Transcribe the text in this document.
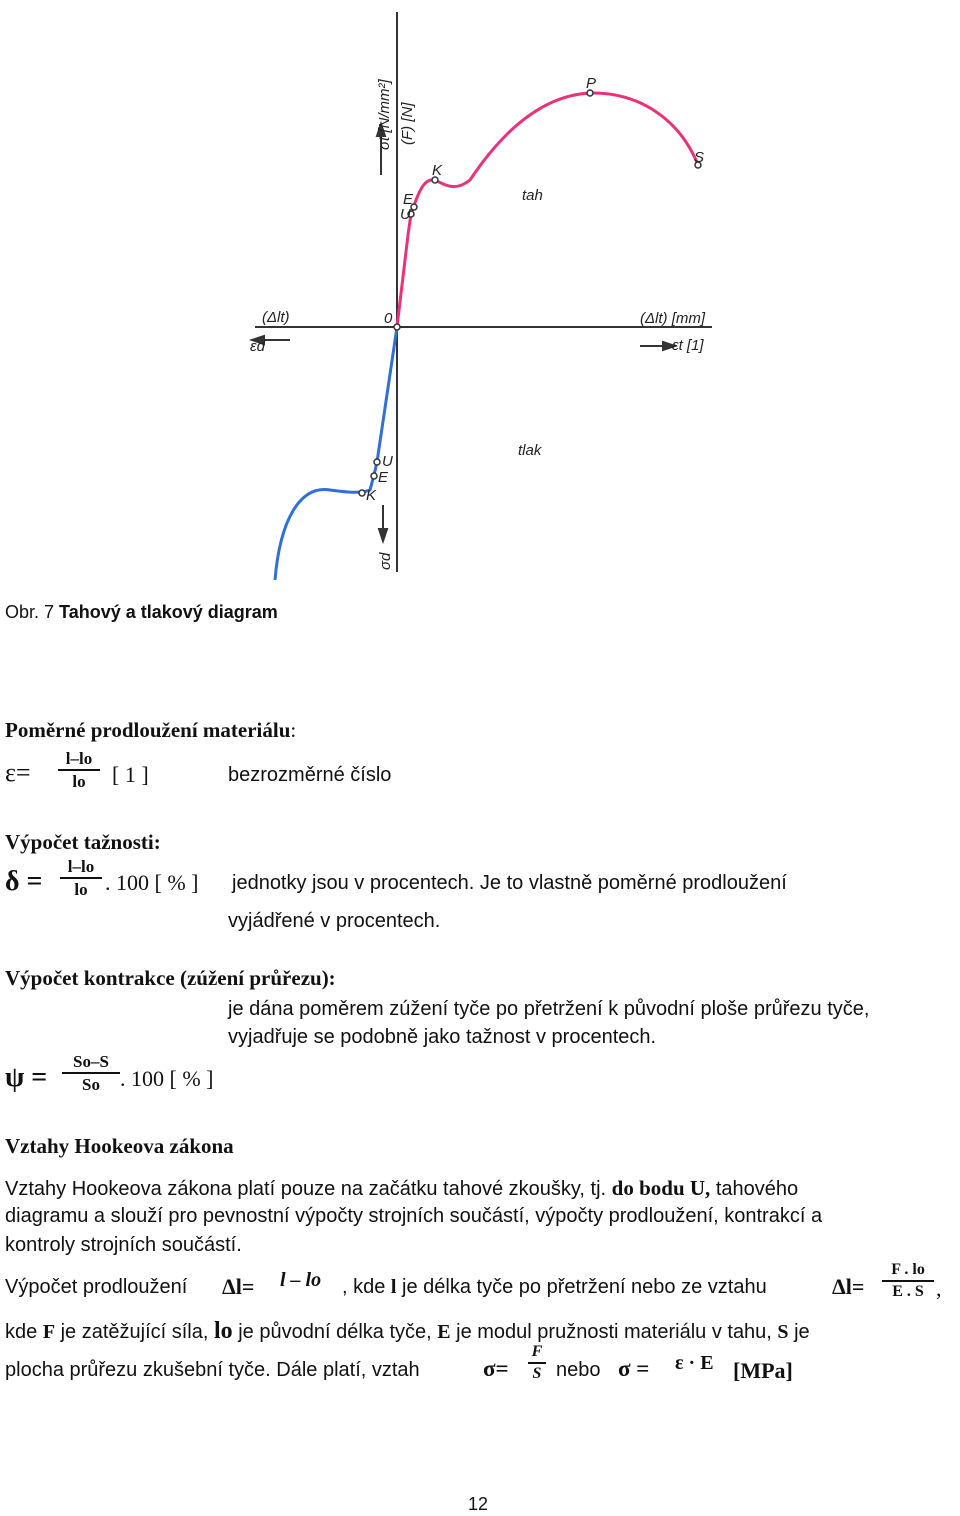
0
σt [N/mm²] (F) [N]
(Δlt) [mm]
εt [1]
(Δlt)
εd
σd
tah
tlak
P
S
K
E
U
U
E
K
Obr. 7 Tahový a tlakový diagram
Poměrné prodloužení materiálu:
ε=	l–lo
lo	[ 1 ]	bezrozměrné číslo
Výpočet tažnosti:
δ =	l–lo
lo . 100 [ % ] jednotky jsou v procentech. Je to vlastně poměrné prodloužení
vyjádřené v procentech.
Výpočet kontrakce (zúžení průřezu):
je dána poměrem zúžení tyče po přetržení k původní ploše průřezu tyče,
vyjadřuje se podobně jako tažnost v procentech.
ψ =
So–S
So . 100 [ % ]
Vztahy Hookeova zákona
Vztahy Hookeova zákona platí pouze na začátku tahové zkoušky, tj. do bodu U, tahového
diagramu a slouží pro pevnostní výpočty strojních součástí, výpočty prodloužení, kontrakcí a
kontroly strojních součástí.
Výpočet prodloužení Δl= l – lo , kde l je délka tyče po přetržení nebo ze vztahu	Δl=
F . lo
E . S ,
kde F je zatěžující síla, lo je původní délka tyče, E je modul pružnosti materiálu v tahu, S je
plocha průřezu zkušební tyče. Dále platí, vztah	σ=
F
S nebo σ = ε · E [MPa]
12
